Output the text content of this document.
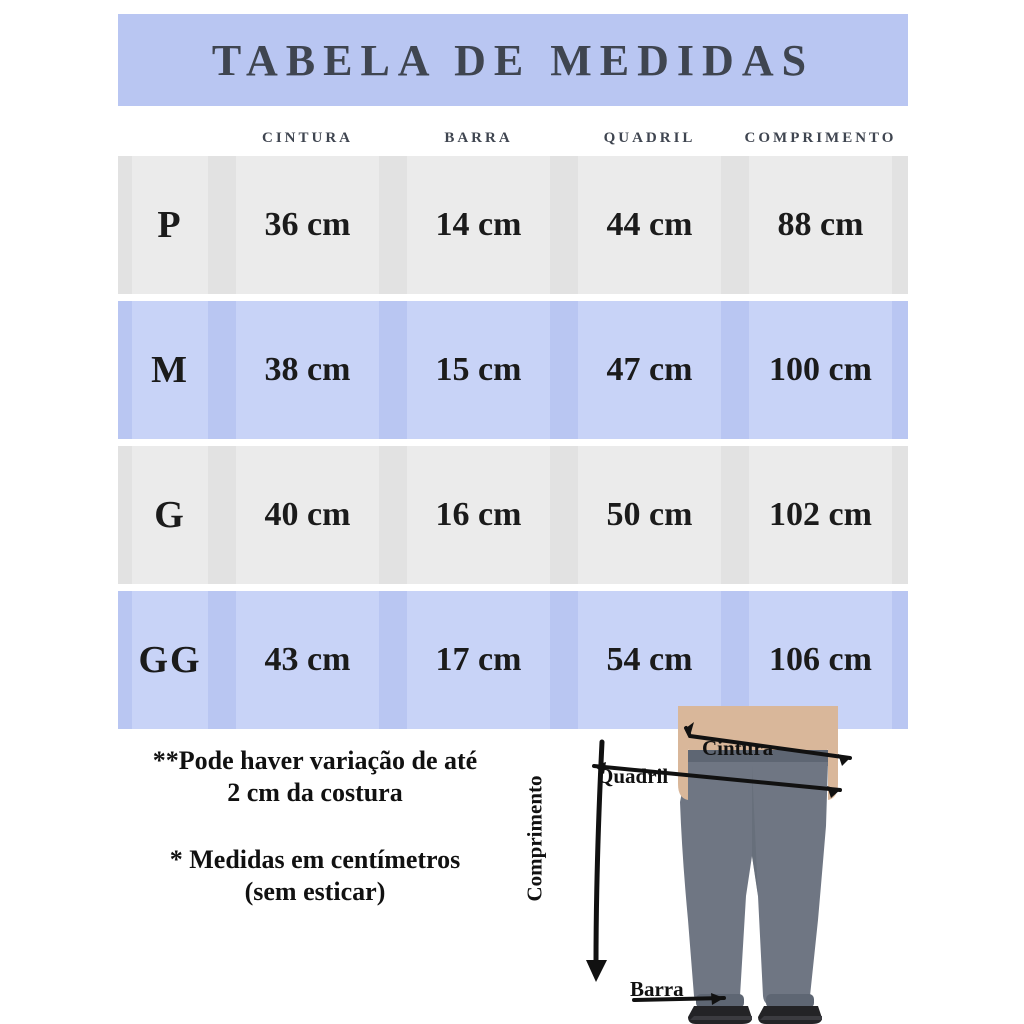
TABELA DE MEDIDAS
CINTURA	BARRA	QUADRIL	COMPRIMENTO
P 36 cm	14 cm	44 cm	88 cm
M 38 cm	15 cm	47 cm 100 cm
G 40 cm	16 cm	50 cm 102 cm
GG 43 cm	17 cm	54 cm 106 cm
**Pode haver variação de até 2 cm da costura
* Medidas em centímetros (sem esticar)
Cintura
Quadril
Barra
Comprimento
